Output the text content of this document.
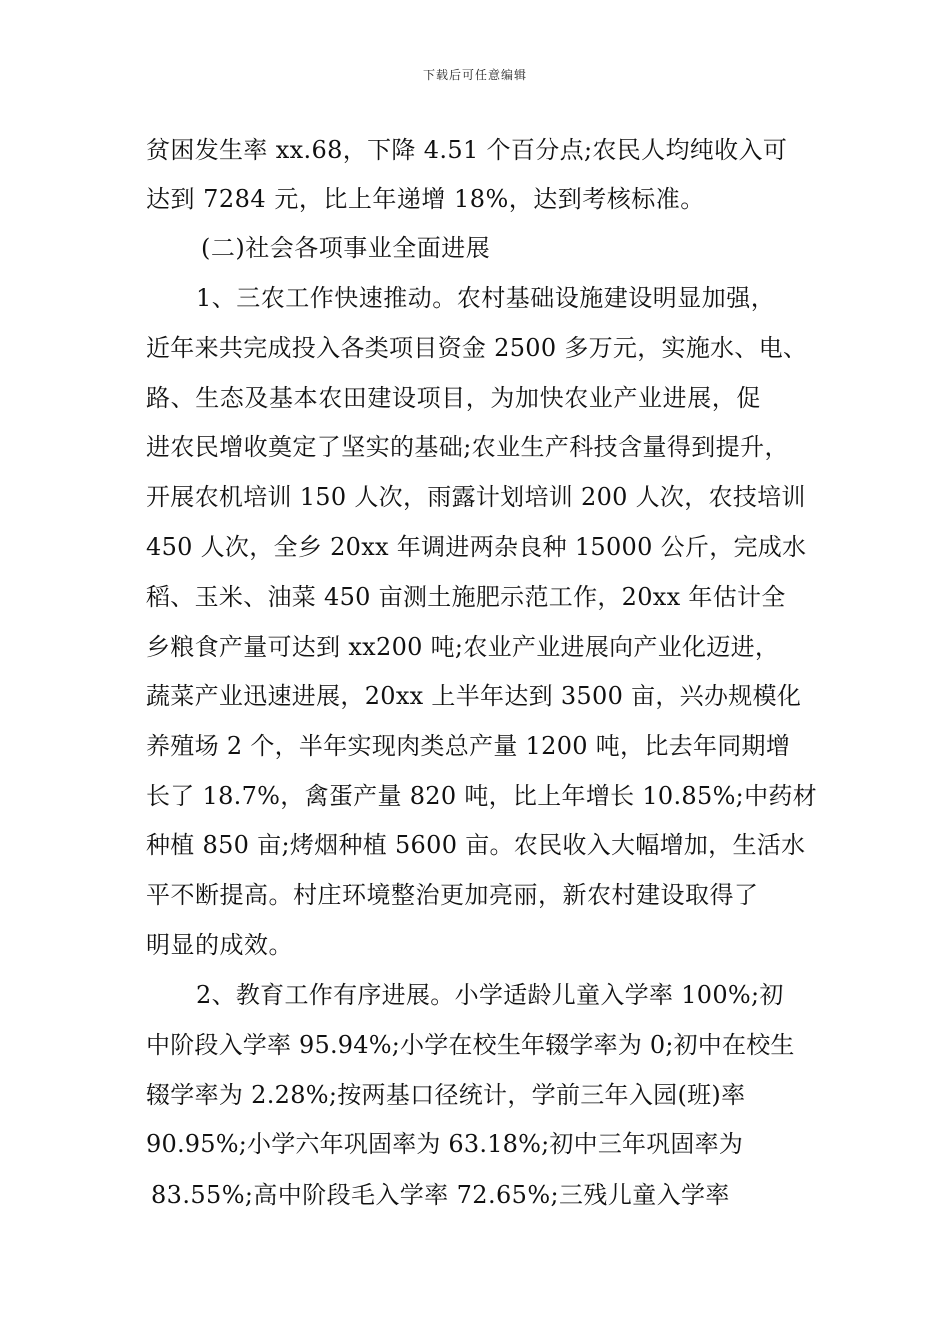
下载后可任意编辑
贫困发生率 xx.68，下降 4.51 个百分点;农民人均纯收入可
达到 7284 元，比上年递增 18%，达到考核标准。
(二)社会各项事业全面进展
1、三农工作快速推动。农村基础设施建设明显加强，
近年来共完成投入各类项目资金 2500 多万元，实施水、电、
路、生态及基本农田建设项目，为加快农业产业进展，促
进农民增收奠定了坚实的基础;农业生产科技含量得到提升，
开展农机培训 150 人次，雨露计划培训 200 人次，农技培训
450 人次，全乡 20xx 年调进两杂良种 15000 公斤，完成水
稻、玉米、油菜 450 亩测土施肥示范工作，20xx 年估计全
乡粮食产量可达到 xx200 吨;农业产业进展向产业化迈进，
蔬菜产业迅速进展，20xx 上半年达到 3500 亩，兴办规模化
养殖场 2 个，半年实现肉类总产量 1200 吨，比去年同期增
长了 18.7%，禽蛋产量 820 吨，比上年增长 10.85%;中药材
种植 850 亩;烤烟种植 5600 亩。农民收入大幅增加，生活水
平不断提高。村庄环境整治更加亮丽，新农村建设取得了
明显的成效。
2、教育工作有序进展。小学适龄儿童入学率 100%;初
中阶段入学率 95.94%;小学在校生年辍学率为 0;初中在校生
辍学率为 2.28%;按两基口径统计，学前三年入园(班)率
90.95%;小学六年巩固率为 63.18%;初中三年巩固率为
83.55%;高中阶段毛入学率 72.65%;三残儿童入学率
